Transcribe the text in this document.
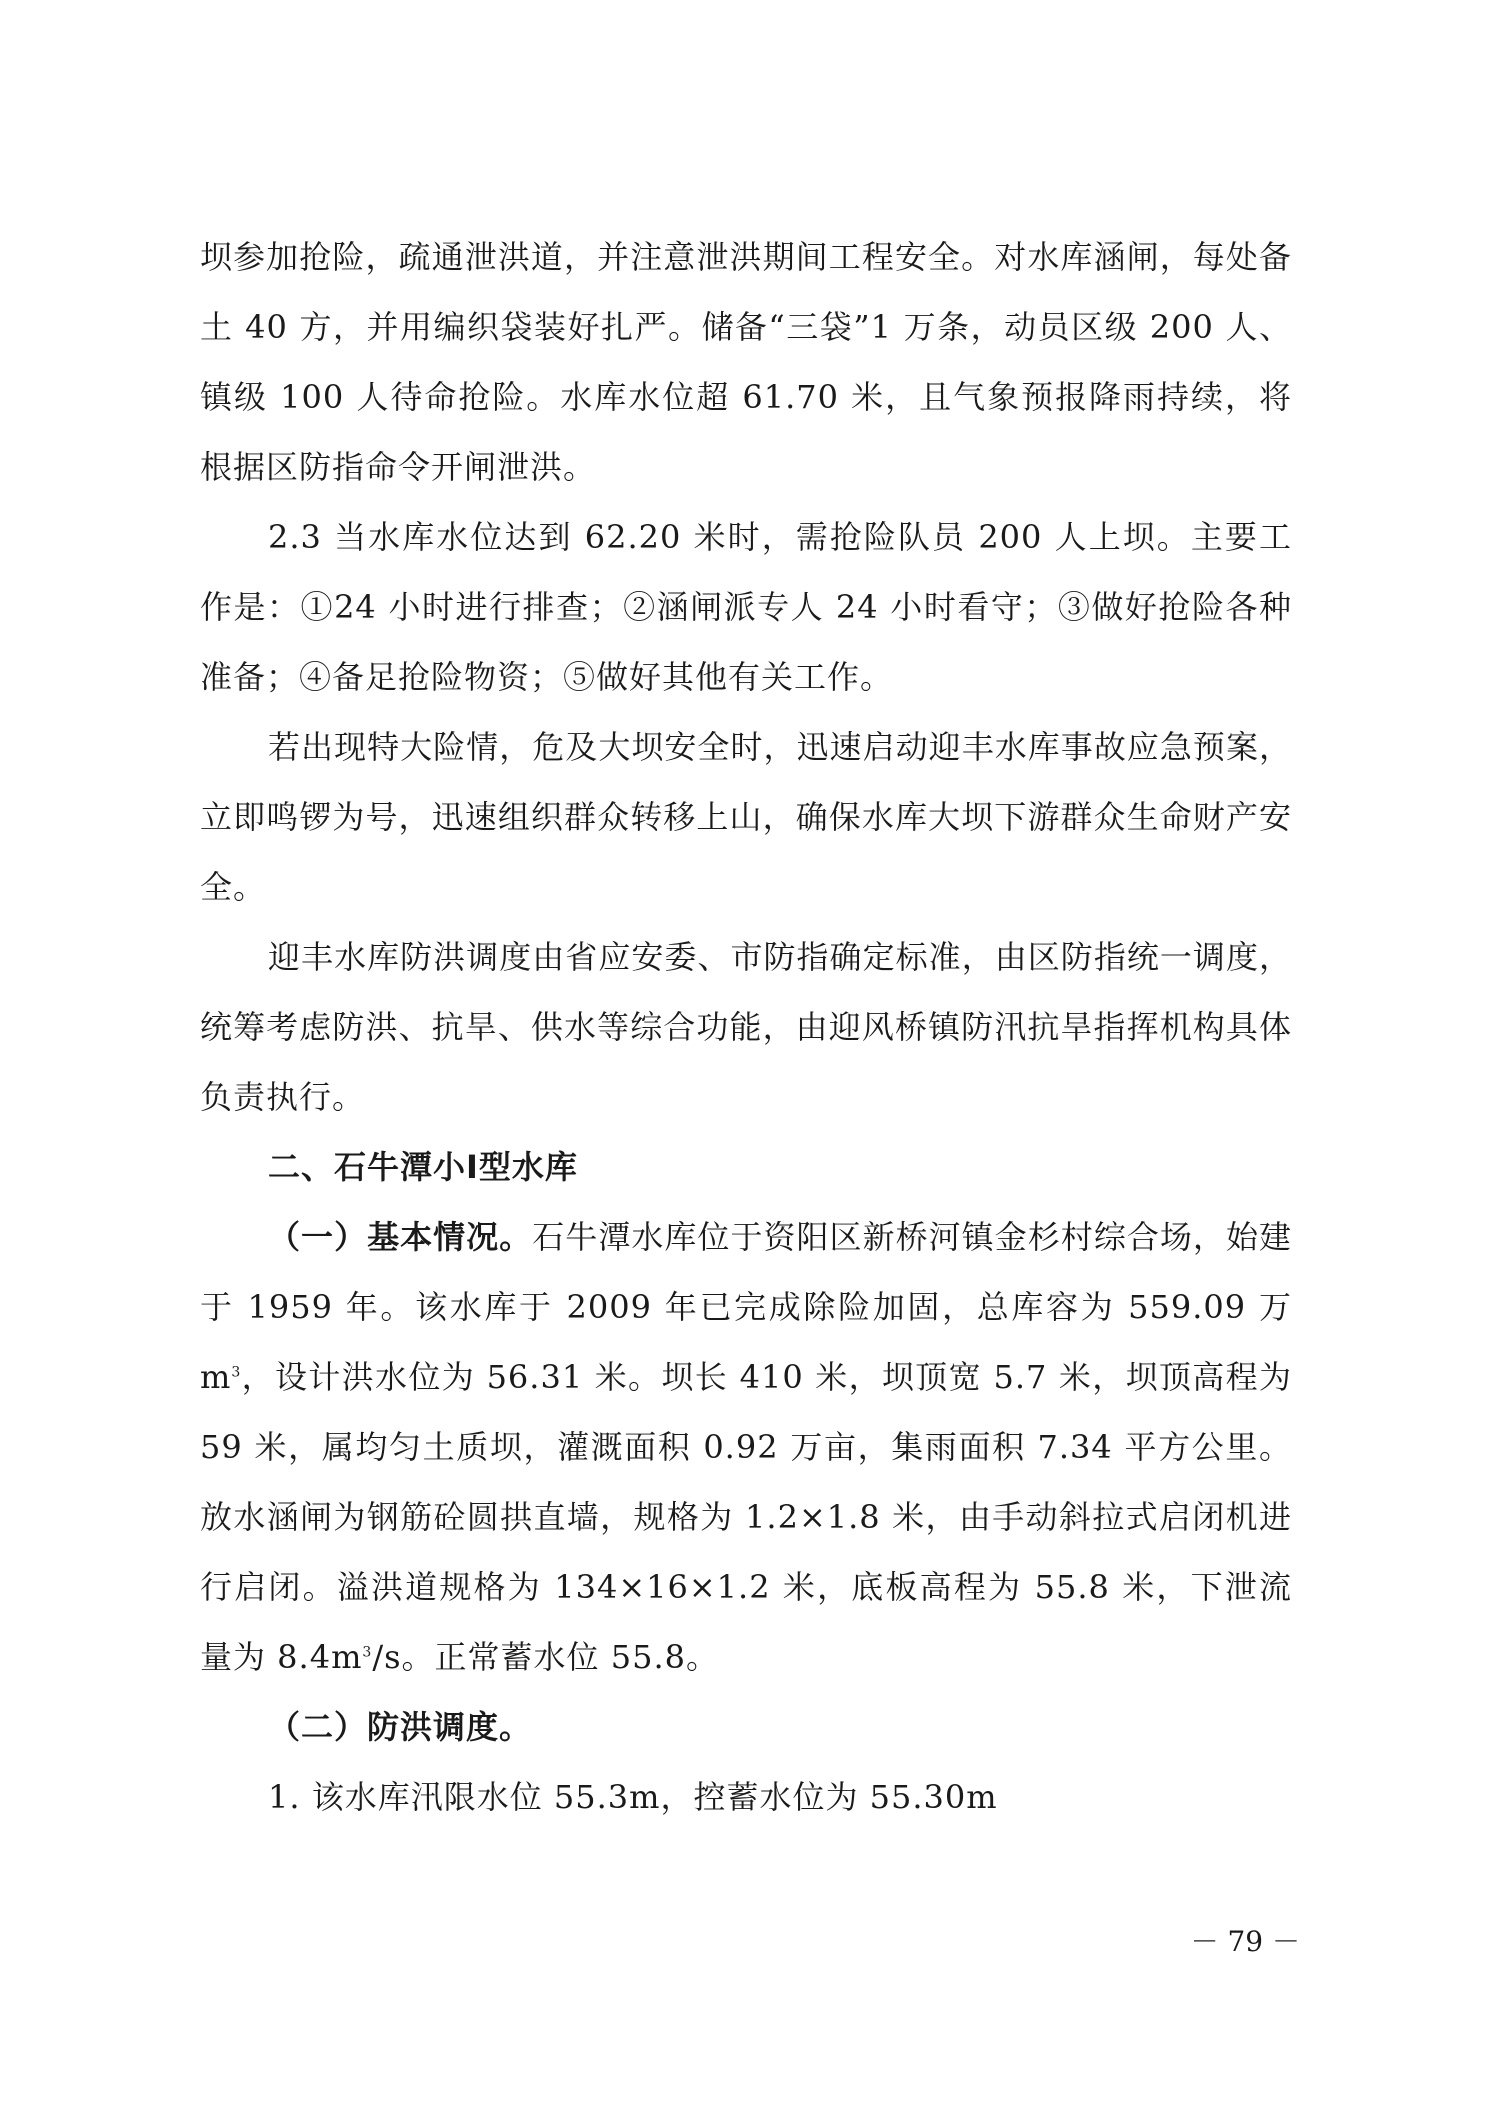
坝参加抢险，疏通泄洪道，并注意泄洪期间工程安全。对水库涵闸，每处备土 40 方，并用编织袋装好扎严。储备“三袋”1 万条，动员区级 200 人、镇级 100 人待命抢险。水库水位超 61.70 米，且气象预报降雨持续，将根据区防指命令开闸泄洪。

2.3 当水库水位达到 62.20 米时，需抢险队员 200 人上坝。主要工作是：①24 小时进行排查；②涵闸派专人 24 小时看守；③做好抢险各种准备；④备足抢险物资；⑤做好其他有关工作。

若出现特大险情，危及大坝安全时，迅速启动迎丰水库事故应急预案，立即鸣锣为号，迅速组织群众转移上山，确保水库大坝下游群众生命财产安全。

迎丰水库防洪调度由省应安委、市防指确定标准，由区防指统一调度，统筹考虑防洪、抗旱、供水等综合功能，由迎风桥镇防汛抗旱指挥机构具体负责执行。

二、石牛潭小Ⅰ型水库

（一）基本情况。石牛潭水库位于资阳区新桥河镇金杉村综合场，始建于 1959 年。该水库于 2009 年已完成除险加固，总库容为 559.09 万 $m^3$，设计洪水位为 56.31 米。坝长 410 米，坝顶宽 5.7 米，坝顶高程为 59 米，属均匀土质坝，灌溉面积 0.92 万亩，集雨面积 7.34 平方公里。放水涵闸为钢筋砼圆拱直墙，规格为 1.2×1.8 米，由手动斜拉式启闭机进行启闭。溢洪道规格为 134×16×1.2 米，底板高程为 55.8 米，下泄流量为 $8.4m^3/s$。正常蓄水位 55.8。

（二）防洪调度。

1. 该水库汛限水位 55.3m，控蓄水位为 55.30m

－ 79 －
